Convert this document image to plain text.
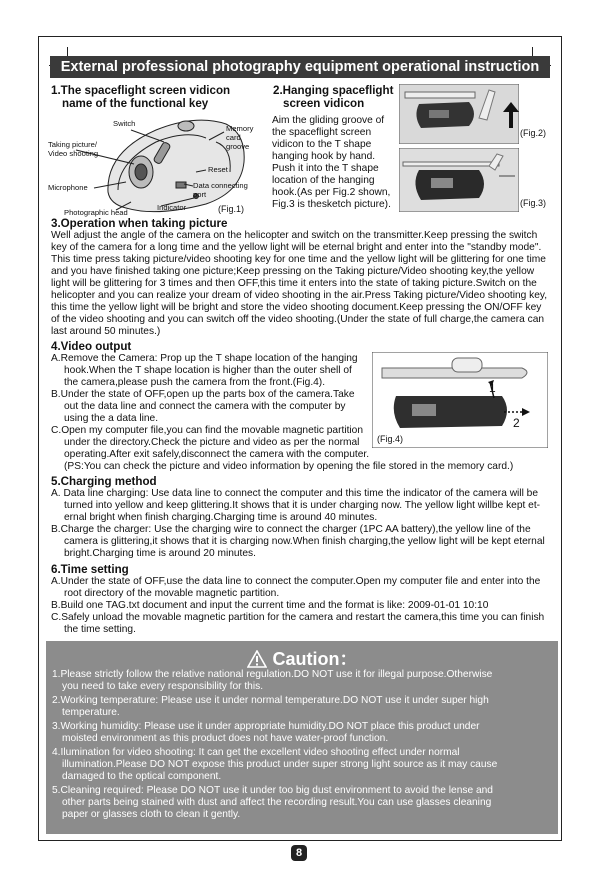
External professional photography equipment operational instruction
1.The spaceflight screen vidicon
name of the functional key
Switch
Taking picture/
Video shooting
Memory
card
groove
Reset
Microphone	Data connecting
port
Photographic head
Indicator	(Fig.1)
2.Hanging spaceflight
screen vidicon
Aim the gliding groove of
the spaceflight screen
vidicon to the T shape
hanging hook by hand.
Push it into the T shape
location of the hanging
hook.(As per Fig.2 shown,
Fig.3 is thesketch picture).
(Fig.2)
(Fig.3)
3.Operation when taking picture
Well adjust the angle of the camera on the helicopter and switch on the transmitter.Keep pressing the switch
key of the camera for a long time and the yellow light will be eternal bright and enter into the "standby mode".
This time press taking picture/video shooting key for one time and the yellow light will be glittering for one time
and you have finished taking one picture;Keep pressing on the Taking picture/Video shooting key,the yellow
light will be glittering for 3 times and then OFF,this time it enters into the state of taking picture.Switch on the
helicopter and you can realize your dream of video shooting in the air.Press Taking picture/Video shooting key,
this time the yellow light will be bright and store the video shooting document.Keep pressing the ON/OFF key
of the video shooting and you can switch off the video shooting.(Under the state of full charge,the camera can
last around 50 minutes.)
4.Video output
A.Remove the Camera: Prop up the T shape location of the hanging
hook.When the T shape location is higher than the outer shell of
the camera,please push the camera from the front.(Fig.4).
B.Under the state of OFF,open up the parts box of the camera.Take
out the data line and connect the camera with the computer by
using the a data line.
C.Open my computer file,you can find the movable magnetic partition
under the directory.Check the picture and video as per the normal
operating.After exit safely,disconnect the camera with the computer.
(PS:You can check the picture and video information by opening the file stored in the memory card.)
1
2
(Fig.4)
5.Charging method
A. Data line charging: Use data line to connect the computer and this time the indicator of the camera will be
turned into yellow and keep glittering.It shows that it is under charging now. The yellow light willbe kept et-
ernal bright when finish charging.Charging time is around 40 minutes.
B.Charge the charger: Use the charging wire to connect the charger (1PC AA battery),the yellow line of the
camera is glittering,it shows that it is charging now.When finish charging,the yellow light will be kept eternal
bright.Charging time is around 20 minutes.
6.Time setting
A.Under the state of OFF,use the data line to connect the computer.Open my computer file and enter into the
root directory of the movable magnetic partition.
B.Build one TAG.txt document and input the current time and the format is like: 2009-01-01 10:10
C.Safely unload the movable magnetic partition for the camera and restart the camera,this time you can finish
the time setting.
Caution：
1.Please strictly follow the relative national regulation.DO NOT use it for illegal purpose.Otherwise
you need to take every responsibility for this.
2.Working temperature: Please use it under normal temperature.DO NOT use it under super high
temperature.
3.Working humidity: Please use it under appropriate humidity.DO NOT place this product under
moisted environment as this product does not have water-proof function.
4.Ilumination for video shooting: It can get the excellent video shooting effect under normal
illumination.Please DO NOT expose this product under super strong light source as it may cause
damaged to the optical component.
5.Cleaning required: Please DO NOT use it under too big dust environment to avoid the lense and
other parts being stained with dust and affect the recording result.You can use glasses cleaning
paper or glasses cloth to clean it gently.
8
